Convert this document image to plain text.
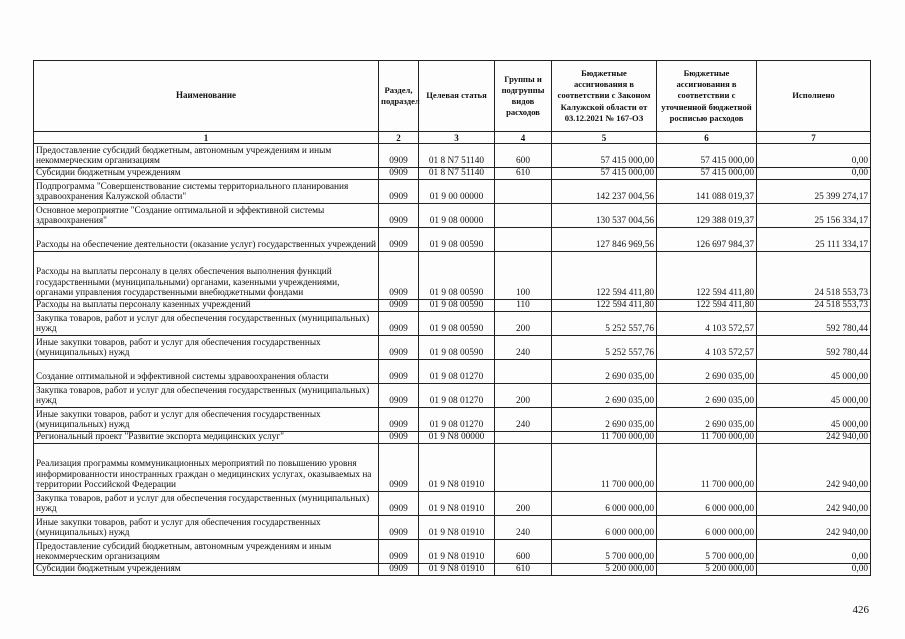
Наименование	Раздел, подраздел	Целевая статья	Группы и подгруппы видов расходов	Бюджетные ассигнования в соответствии с Законом Калужской области от 03.12.2021 № 167-ОЗ	Бюджетные ассигнования в соответствии с уточненной бюджетной росписью расходов	Исполнено
1	2	3	4	5	6	7
Предоставление субсидий бюджетным, автономным учреждениям и иным некоммерческим организациям	0909	01 8 N7 51140	600	57 415 000,00	57 415 000,00	0,00
Субсидии бюджетным учреждениям	0909	01 8 N7 51140	610	57 415 000,00	57 415 000,00	0,00
Подпрограмма "Совершенствование системы территориального планирования здравоохранения Калужской области"	0909	01 9 00 00000		142 237 004,56	141 088 019,37	25 399 274,17
Основное мероприятие "Создание оптимальной и эффективной системы здравоохранения"	0909	01 9 08 00000		130 537 004,56	129 388 019,37	25 156 334,17
Расходы на обеспечение деятельности (оказание услуг) государственных учреждений	0909	01 9 08 00590		127 846 969,56	126 697 984,37	25 111 334,17
Расходы на выплаты персоналу в целях обеспечения выполнения функций государственными (муниципальными) органами, казенными учреждениями, органами управления государственными внебюджетными фондами	0909	01 9 08 00590	100	122 594 411,80	122 594 411,80	24 518 553,73
Расходы на выплаты персоналу казенных учреждений	0909	01 9 08 00590	110	122 594 411,80	122 594 411,80	24 518 553,73
Закупка товаров, работ и услуг для обеспечения государственных (муниципальных) нужд	0909	01 9 08 00590	200	5 252 557,76	4 103 572,57	592 780,44
Иные закупки товаров, работ и услуг для обеспечения государственных (муниципальных) нужд	0909	01 9 08 00590	240	5 252 557,76	4 103 572,57	592 780,44
Создание оптимальной и эффективной системы здравоохранения области	0909	01 9 08 01270		2 690 035,00	2 690 035,00	45 000,00
Закупка товаров, работ и услуг для обеспечения государственных (муниципальных) нужд	0909	01 9 08 01270	200	2 690 035,00	2 690 035,00	45 000,00
Иные закупки товаров, работ и услуг для обеспечения государственных (муниципальных) нужд	0909	01 9 08 01270	240	2 690 035,00	2 690 035,00	45 000,00
Региональный проект "Развитие экспорта медицинских услуг"	0909	01 9 N8 00000		11 700 000,00	11 700 000,00	242 940,00
Реализация программы коммуникационных мероприятий по повышению уровня информированности иностранных граждан о медицинских услугах, оказываемых на территории Российской Федерации	0909	01 9 N8 01910		11 700 000,00	11 700 000,00	242 940,00
Закупка товаров, работ и услуг для обеспечения государственных (муниципальных) нужд	0909	01 9 N8 01910	200	6 000 000,00	6 000 000,00	242 940,00
Иные закупки товаров, работ и услуг для обеспечения государственных (муниципальных) нужд	0909	01 9 N8 01910	240	6 000 000,00	6 000 000,00	242 940,00
Предоставление субсидий бюджетным, автономным учреждениям и иным некоммерческим организациям	0909	01 9 N8 01910	600	5 700 000,00	5 700 000,00	0,00
Субсидии бюджетным учреждениям	0909	01 9 N8 01910	610	5 200 000,00	5 200 000,00	0,00
426
